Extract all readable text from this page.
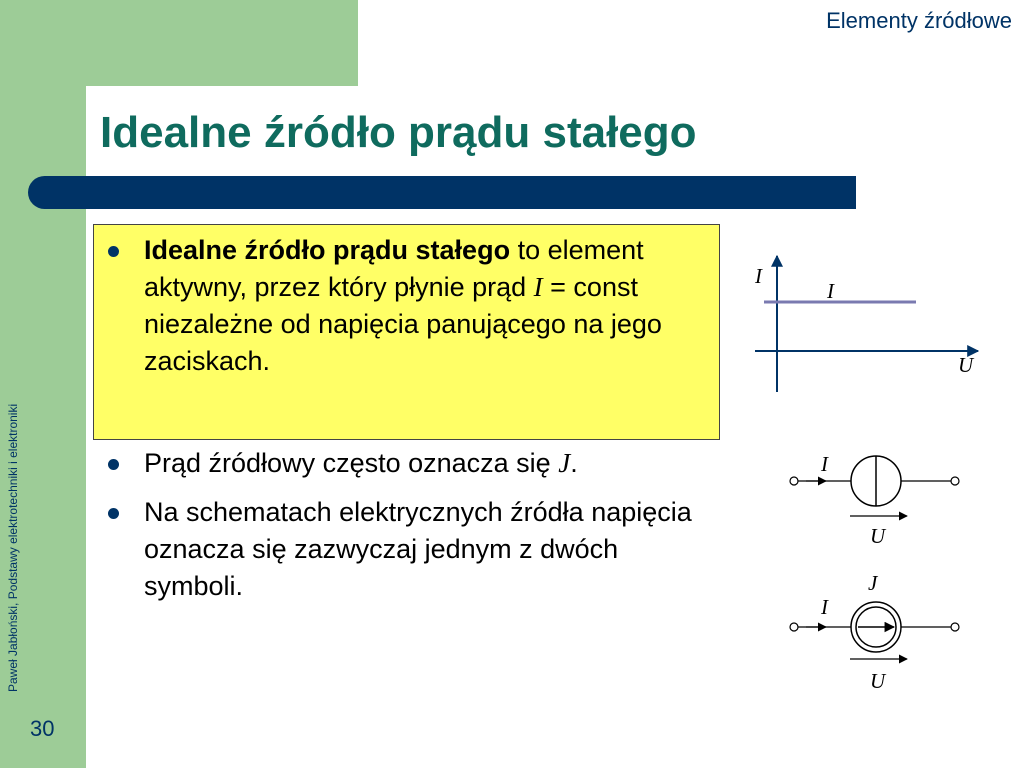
Elementy źródłowe
Idealne źródło prądu stałego
Paweł Jabłoński, Podstawy elektrotechniki i elektroniki
30
Idealne źródło prądu stałego to element aktywny, przez który płynie prąd I = const niezależne od napięcia panującego na jego zaciskach.
Prąd źródłowy często oznacza się J.
Na schematach elektrycznych źródła napięcia oznacza się zazwyczaj jednym z dwóch symboli.
I
I
U
I
U
J
I
U
